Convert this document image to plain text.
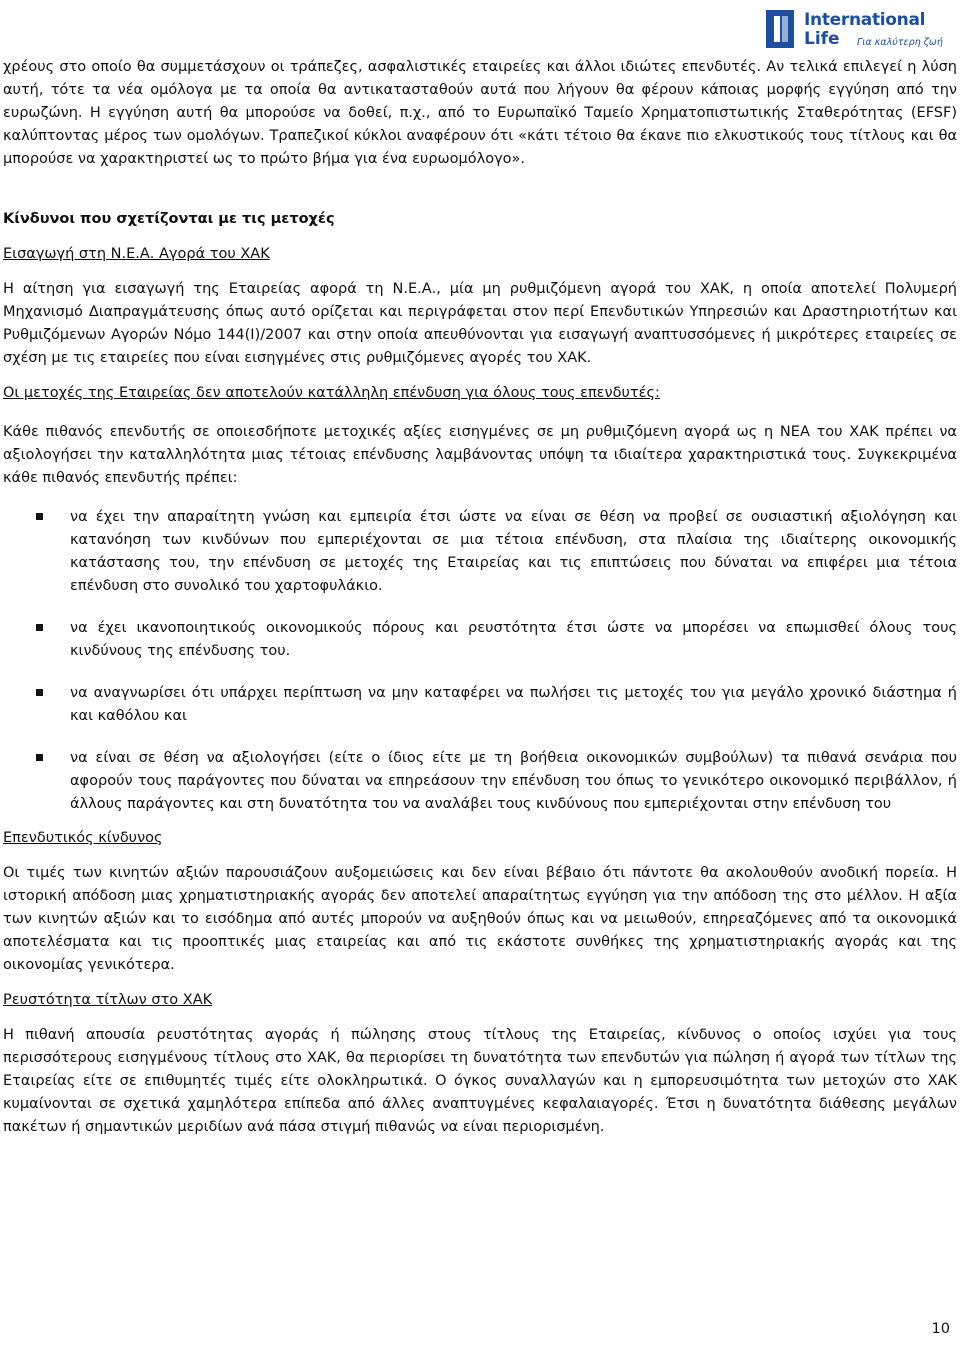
International
Life Για καλύτερη ζωή

χρέους στο οποίο θα συμμετάσχουν οι τράπεζες, ασφαλιστικές εταιρείες και άλλοι ιδιώτες επενδυτές. Αν τελικά επιλεγεί η λύση αυτή, τότε τα νέα ομόλογα με τα οποία θα αντικατασταθούν αυτά που λήγουν θα φέρουν κάποιας μορφής εγγύηση από την ευρωζώνη. Η εγγύηση αυτή θα μπορούσε να δοθεί, π.χ., από το Ευρωπαϊκό Ταμείο Χρηματοπιστωτικής Σταθερότητας (EFSF) καλύπτοντας μέρος των ομολόγων. Τραπεζικοί κύκλοι αναφέρουν ότι «κάτι τέτοιο θα έκανε πιο ελκυστικούς τους τίτλους και θα μπορούσε να χαρακτηριστεί ως το πρώτο βήμα για ένα ευρωομόλογο».

Κίνδυνοι που σχετίζονται με τις μετοχές

Εισαγωγή στη Ν.Ε.Α. Αγορά του ΧΑΚ

Η αίτηση για εισαγωγή της Εταιρείας αφορά τη Ν.Ε.Α., μία μη ρυθμιζόμενη αγορά του ΧΑΚ, η οποία αποτελεί Πολυμερή Μηχανισμό Διαπραγμάτευσης όπως αυτό ορίζεται και περιγράφεται στον περί Επενδυτικών Υπηρεσιών και Δραστηριοτήτων και Ρυθμιζόμενων Αγορών Νόμο 144(Ι)/2007 και στην οποία απευθύνονται για εισαγωγή αναπτυσσόμενες ή μικρότερες εταιρείες σε σχέση με τις εταιρείες που είναι εισηγμένες στις ρυθμιζόμενες αγορές του ΧΑΚ.

Οι μετοχές της Εταιρείας δεν αποτελούν κατάλληλη επένδυση για όλους τους επενδυτές:

Κάθε πιθανός επενδυτής σε οποιεσδήποτε μετοχικές αξίες εισηγμένες σε μη ρυθμιζόμενη αγορά ως η ΝΕΑ του ΧΑΚ πρέπει να αξιολογήσει την καταλληλότητα μιας τέτοιας επένδυσης λαμβάνοντας υπόψη τα ιδιαίτερα χαρακτηριστικά τους. Συγκεκριμένα κάθε πιθανός επενδυτής πρέπει:

να έχει την απαραίτητη γνώση και εμπειρία έτσι ώστε να είναι σε θέση να προβεί σε ουσιαστική αξιολόγηση και κατανόηση των κινδύνων που εμπεριέχονται σε μια τέτοια επένδυση, στα πλαίσια της ιδιαίτερης οικονομικής κατάστασης του, την επένδυση σε μετοχές της Εταιρείας και τις επιπτώσεις που δύναται να επιφέρει μια τέτοια επένδυση στο συνολικό του χαρτοφυλάκιο.
να έχει ικανοποιητικούς οικονομικούς πόρους και ρευστότητα έτσι ώστε να μπορέσει να επωμισθεί όλους τους κινδύνους της επένδυσης του.
να αναγνωρίσει ότι υπάρχει περίπτωση να μην καταφέρει να πωλήσει τις μετοχές του για μεγάλο χρονικό διάστημα ή και καθόλου και
να είναι σε θέση να αξιολογήσει (είτε ο ίδιος είτε με τη βοήθεια οικονομικών συμβούλων) τα πιθανά σενάρια που αφορούν τους παράγοντες που δύναται να επηρεάσουν την επένδυση του όπως το γενικότερο οικονομικό περιβάλλον, ή άλλους παράγοντες και στη δυνατότητα του να αναλάβει τους κινδύνους που εμπεριέχονται στην επένδυση του

Επενδυτικός κίνδυνος

Οι τιμές των κινητών αξιών παρουσιάζουν αυξομειώσεις και δεν είναι βέβαιο ότι πάντοτε θα ακολουθούν ανοδική πορεία. Η ιστορική απόδοση μιας χρηματιστηριακής αγοράς δεν αποτελεί απαραίτητως εγγύηση για την απόδοση της στο μέλλον. Η αξία των κινητών αξιών και το εισόδημα από αυτές μπορούν να αυξηθούν όπως και να μειωθούν, επηρεαζόμενες από τα οικονομικά αποτελέσματα και τις προοπτικές μιας εταιρείας και από τις εκάστοτε συνθήκες της χρηματιστηριακής αγοράς και της οικονομίας γενικότερα.

Ρευστότητα τίτλων στο ΧΑΚ

Η πιθανή απουσία ρευστότητας αγοράς ή πώλησης στους τίτλους της Εταιρείας, κίνδυνος ο οποίος ισχύει για τους περισσότερους εισηγμένους τίτλους στο ΧΑΚ, θα περιορίσει τη δυνατότητα των επενδυτών για πώληση ή αγορά των τίτλων της Εταιρείας είτε σε επιθυμητές τιμές είτε ολοκληρωτικά. Ο όγκος συναλλαγών και η εμπορευσιμότητα των μετοχών στο ΧΑΚ κυμαίνονται σε σχετικά χαμηλότερα επίπεδα από άλλες αναπτυγμένες κεφαλαιαγορές. Έτσι η δυνατότητα διάθεσης μεγάλων πακέτων ή σημαντικών μεριδίων ανά πάσα στιγμή πιθανώς να είναι περιορισμένη.

10
